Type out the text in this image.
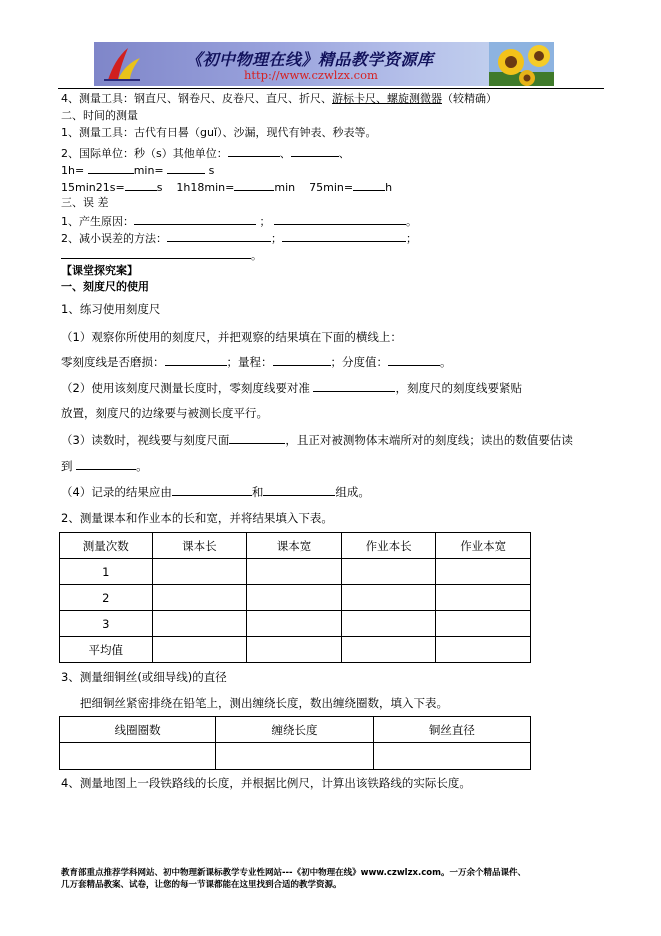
《初中物理在线》精品教学资源库
http://www.czwlzx.com
4、测量工具：钢直尺、钢卷尺、皮卷尺、直尺、折尺、游标卡尺、螺旋测微器（较精确）
二、时间的测量
1、测量工具：古代有日晷（guǐ）、沙漏，现代有钟表、秒表等。
2、国际单位：秒（s）其他单位：	、	、
1h=	min=	s
15min21s=	s 1h18min=	min 75min=	h
三、误 差
1、产生原因：	；	。
2、减小误差的方法：	；	；
。
【课堂探究案】
一、刻度尺的使用
1、练习使用刻度尺
（1）观察你所使用的刻度尺，并把观察的结果填在下面的横线上：
零刻度线是否磨损：	；量程：	；分度值：	。
（2）使用该刻度尺测量长度时，零刻度线要对准	，刻度尺的刻度线要紧贴
放置，刻度尺的边缘要与被测长度平行。
（3）读数时，视线要与刻度尺面	，且正对被测物体末端所对的刻度线；读出的数值要估读
到	。
（4）记录的结果应由	和	组成。
2、测量课本和作业本的长和宽，并将结果填入下表。
测量次数	课本长	课本宽	作业本长	作业本宽
1				
2				
3				
平均值				
3、测量细铜丝(或细导线)的直径
把细铜丝紧密排绕在铅笔上，测出缠绕长度，数出缠绕圈数，填入下表。
线圈圈数	缠绕长度	铜丝直径

4、测量地图上一段铁路线的长度，并根据比例尺，计算出该铁路线的实际长度。
教育部重点推荐学科网站、初中物理新课标教学专业性网站---《初中物理在线》www.czwlzx.com。一万余个精品课件、
几万套精品教案、试卷，让您的每一节课都能在这里找到合适的教学资源。
